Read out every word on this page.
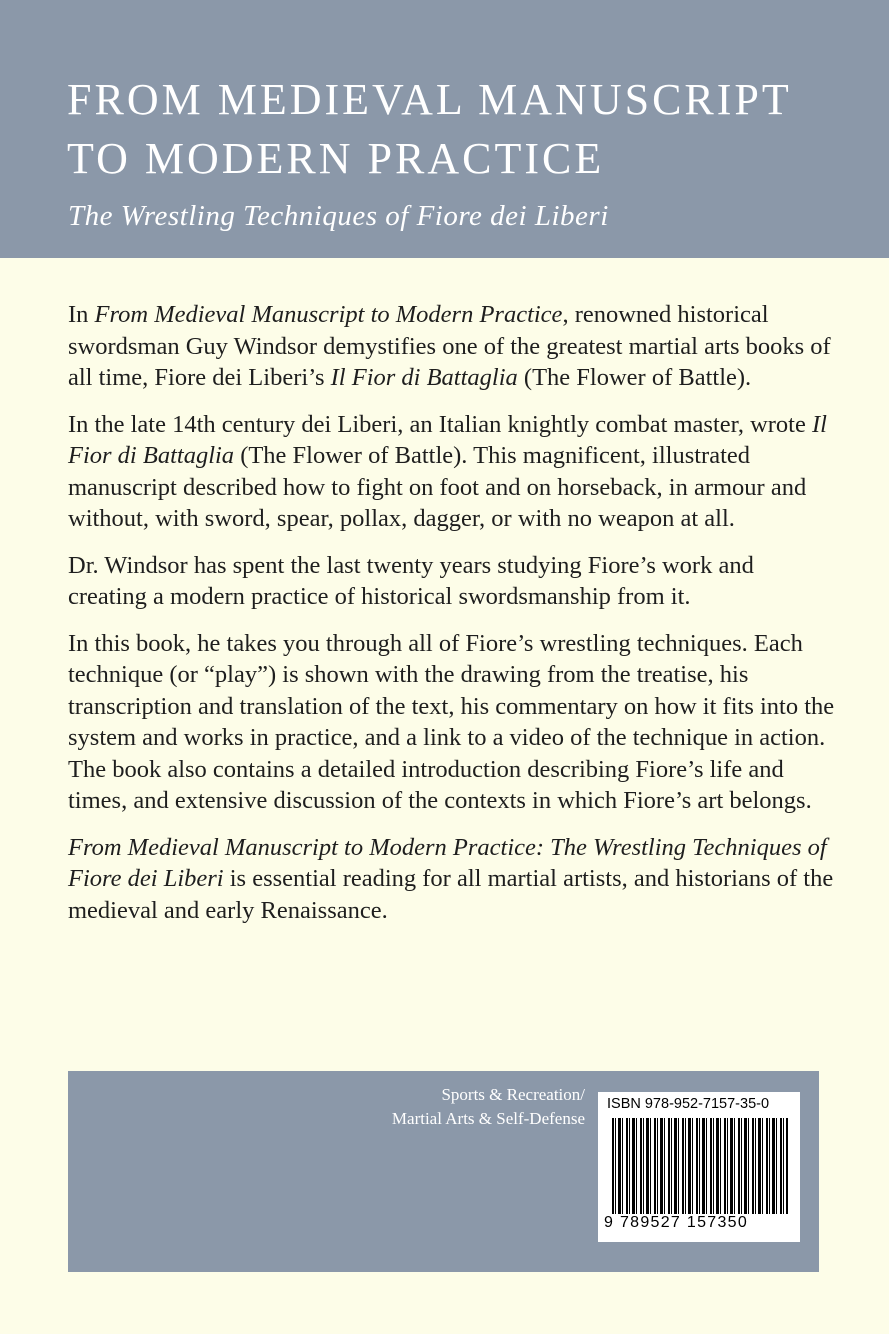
FROM MEDIEVAL MANUSCRIPT
TO MODERN PRACTICE

The Wrestling Techniques of Fiore dei Liberi

In From Medieval Manuscript to Modern Practice, renowned historical swordsman Guy Windsor demystifies one of the greatest martial arts books of all time, Fiore dei Liberi’s Il Fior di Battaglia (The Flower of Battle).

In the late 14th century dei Liberi, an Italian knightly combat master, wrote Il Fior di Battaglia (The Flower of Battle). This magnificent, illustrated manuscript described how to fight on foot and on horseback, in armour and without, with sword, spear, pollax, dagger, or with no weapon at all.

Dr. Windsor has spent the last twenty years studying Fiore’s work and creating a modern practice of historical swordsmanship from it.

In this book, he takes you through all of Fiore’s wrestling techniques. Each technique (or “play”) is shown with the drawing from the treatise, his transcription and translation of the text, his commentary on how it fits into the system and works in practice, and a link to a video of the technique in action. The book also contains a detailed introduction describing Fiore’s life and times, and extensive discussion of the contexts in which Fiore’s art belongs.

From Medieval Manuscript to Modern Practice: The Wrestling Techniques of Fiore dei Liberi is essential reading for all martial artists, and historians of the medieval and early Renaissance.

Sports & Recreation/
Martial Arts & Self-Defense
ISBN 978-952-7157-35-0
9 789527 157350
